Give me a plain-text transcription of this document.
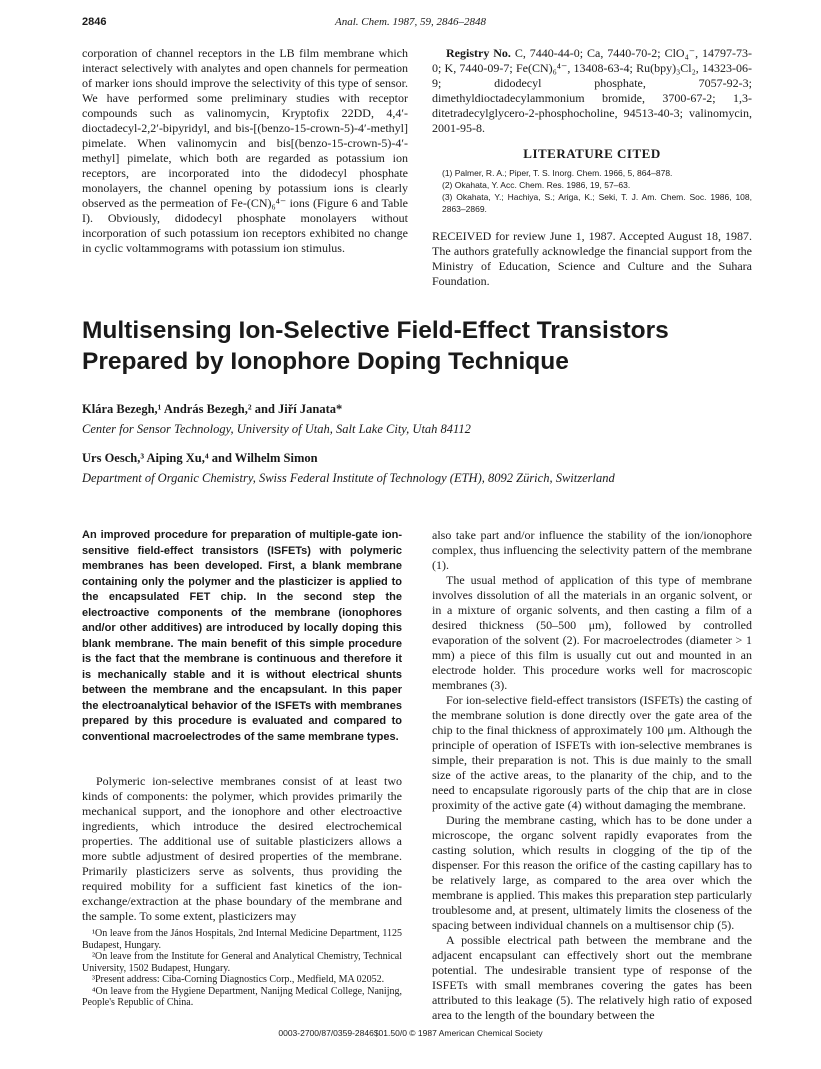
2846	Anal. Chem. 1987, 59, 2846–2848

corporation of channel receptors in the LB film membrane which interact selectively with analytes and open channels for permeation of marker ions should improve the selectivity of this type of sensor. We have performed some preliminary studies with receptor compounds such as valinomycin, Kryptofix 22DD, 4,4′-dioctadecyl-2,2′-bipyridyl, and bis-[(benzo-15-crown-5)-4′-methyl] pimelate. When valinomycin and bis[(benzo-15-crown-5)-4′-methyl] pimelate, which both are regarded as potassium ion receptors, are incorporated into the didodecyl phosphate monolayers, the channel opening by potassium ions is clearly observed as the permeation of Fe-(CN)₆⁴⁻ ions (Figure 6 and Table I). Obviously, didodecyl phosphate monolayers without incorporation of such potassium ion receptors exhibited no change in cyclic voltammograms with potassium ion stimulus.

Registry No. C, 7440-44-0; Ca, 7440-70-2; ClO₄⁻, 14797-73-0; K, 7440-09-7; Fe(CN)₆⁴⁻, 13408-63-4; Ru(bpy)₃Cl₂, 14323-06-9; didodecyl phosphate, 7057-92-3; dimethyldioctadecylammonium bromide, 3700-67-2; 1,3-ditetradecylglycero-2-phosphocholine, 94513-40-3; valinomycin, 2001-95-8.

LITERATURE CITED
(1) Palmer, R. A.; Piper, T. S. Inorg. Chem. 1966, 5, 864–878.
(2) Okahata, Y. Acc. Chem. Res. 1986, 19, 57–63.
(3) Okahata, Y.; Hachiya, S.; Ariga, K.; Seki, T. J. Am. Chem. Soc. 1986, 108, 2863–2869.

RECEIVED for review June 1, 1987. Accepted August 18, 1987. The authors gratefully acknowledge the financial support from the Ministry of Education, Science and Culture and the Suhara Foundation.

Multisensing Ion-Selective Field-Effect Transistors Prepared by Ionophore Doping Technique
Klára Bezegh,¹ András Bezegh,² and Jiří Janata*
Center for Sensor Technology, University of Utah, Salt Lake City, Utah 84112
Urs Oesch,³ Aiping Xu,⁴ and Wilhelm Simon
Department of Organic Chemistry, Swiss Federal Institute of Technology (ETH), 8092 Zürich, Switzerland
An improved procedure for preparation of multiple-gate ion-sensitive field-effect transistors (ISFETs) with polymeric membranes has been developed. First, a blank membrane containing only the polymer and the plasticizer is applied to the encapsulated FET chip. In the second step the electroactive components of the membrane (ionophores and/or other additives) are introduced by locally doping this blank membrane. The main benefit of this simple procedure is the fact that the membrane is continuous and therefore it is mechanically stable and it is without electrical shunts between the membrane and the encapsulant. In this paper the electroanalytical behavior of the ISFETs with membranes prepared by this procedure is evaluated and compared to conventional macroelectrodes of the same membrane types.

Polymeric ion-selective membranes consist of at least two kinds of components: the polymer, which provides primarily the mechanical support, and the ionophore and other electroactive ingredients, which introduce the desired electrochemical properties. The additional use of suitable plasticizers allows a more subtle adjustment of desired properties of the membrane. Primarily plasticizers serve as solvents, thus providing the required mobility for a sufficient fast kinetics of the ion-exchange/extraction at the phase boundary of the membrane and the sample. To some extent, plasticizers may

¹On leave from the János Hospitals, 2nd Internal Medicine Department, 1125 Budapest, Hungary.

²On leave from the Institute for General and Analytical Chemistry, Technical University, 1502 Budapest, Hungary.

³Present address: Ciba-Corning Diagnostics Corp., Medfield, MA 02052.

⁴On leave from the Hygiene Department, Nanijng Medical College, Nanijng, People's Republic of China.

also take part and/or influence the stability of the ion/ionophore complex, thus influencing the selectivity pattern of the membrane (1).

The usual method of application of this type of membrane involves dissolution of all the materials in an organic solvent, or in a mixture of organic solvents, and then casting a film of a desired thickness (50–500 μm), followed by controlled evaporation of the solvent (2). For macroelectrodes (diameter > 1 mm) a piece of this film is usually cut out and mounted in an electrode holder. This procedure works well for macroscopic membranes (3).

For ion-selective field-effect transistors (ISFETs) the casting of the membrane solution is done directly over the gate area of the chip to the final thickness of approximately 100 μm. Although the principle of operation of ISFETs with ion-selective membranes is simple, their preparation is not. This is due mainly to the small size of the active areas, to the planarity of the chip, and to the need to encapsulate rigorously parts of the chip that are in close proximity of the active gate (4) without damaging the membrane.

During the membrane casting, which has to be done under a microscope, the organc solvent rapidly evaporates from the casting solution, which results in clogging of the tip of the dispenser. For this reason the orifice of the casting capillary has to be relatively large, as compared to the area over which the membrane is applied. This makes this preparation step particularly troublesome and, at present, ultimately limits the closeness of the spacing between individual channels on a multisensor chip (5).

A possible electrical path between the membrane and the adjacent encapsulant can effectively short out the membrane potential. The undesirable transient type of response of the ISFETs with small membranes covering the gates has been attributed to this leakage (5). The relatively high ratio of exposed area to the length of the boundary between the

0003-2700/87/0359-2846$01.50/0 © 1987 American Chemical Society
